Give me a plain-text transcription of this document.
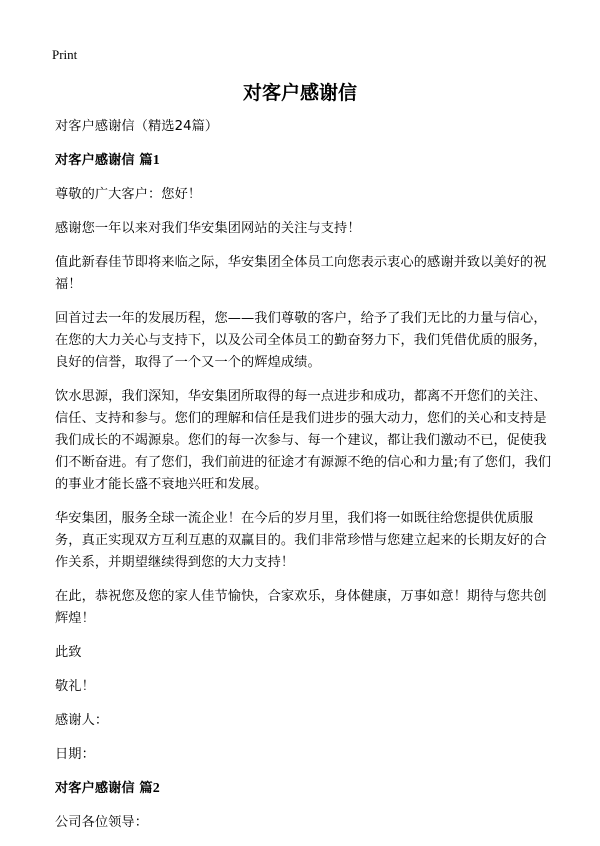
Print
对客户感谢信

对客户感谢信（精选24篇）

对客户感谢信 篇1

尊敬的广大客户：您好！

感谢您一年以来对我们华安集团网站的关注与支持！

值此新春佳节即将来临之际，华安集团全体员工向您表示衷心的感谢并致以美好的祝福！

回首过去一年的发展历程，您——我们尊敬的客户，给予了我们无比的力量与信心，在您的大力关心与支持下，以及公司全体员工的勤奋努力下，我们凭借优质的服务，良好的信誉，取得了一个又一个的辉煌成绩。

饮水思源，我们深知，华安集团所取得的每一点进步和成功，都离不开您们的关注、信任、支持和参与。您们的理解和信任是我们进步的强大动力，您们的关心和支持是我们成长的不竭源泉。您们的每一次参与、每一个建议，都让我们激动不已，促使我们不断奋进。有了您们，我们前进的征途才有源源不绝的信心和力量;有了您们，我们的事业才能长盛不衰地兴旺和发展。

华安集团，服务全球一流企业！在今后的岁月里，我们将一如既往给您提供优质服务，真正实现双方互利互惠的双赢目的。我们非常珍惜与您建立起来的长期友好的合作关系，并期望继续得到您的大力支持！

在此，恭祝您及您的家人佳节愉快，合家欢乐，身体健康，万事如意！期待与您共创辉煌！

此致

敬礼！

感谢人：

日期：

对客户感谢信 篇2

公司各位领导：
